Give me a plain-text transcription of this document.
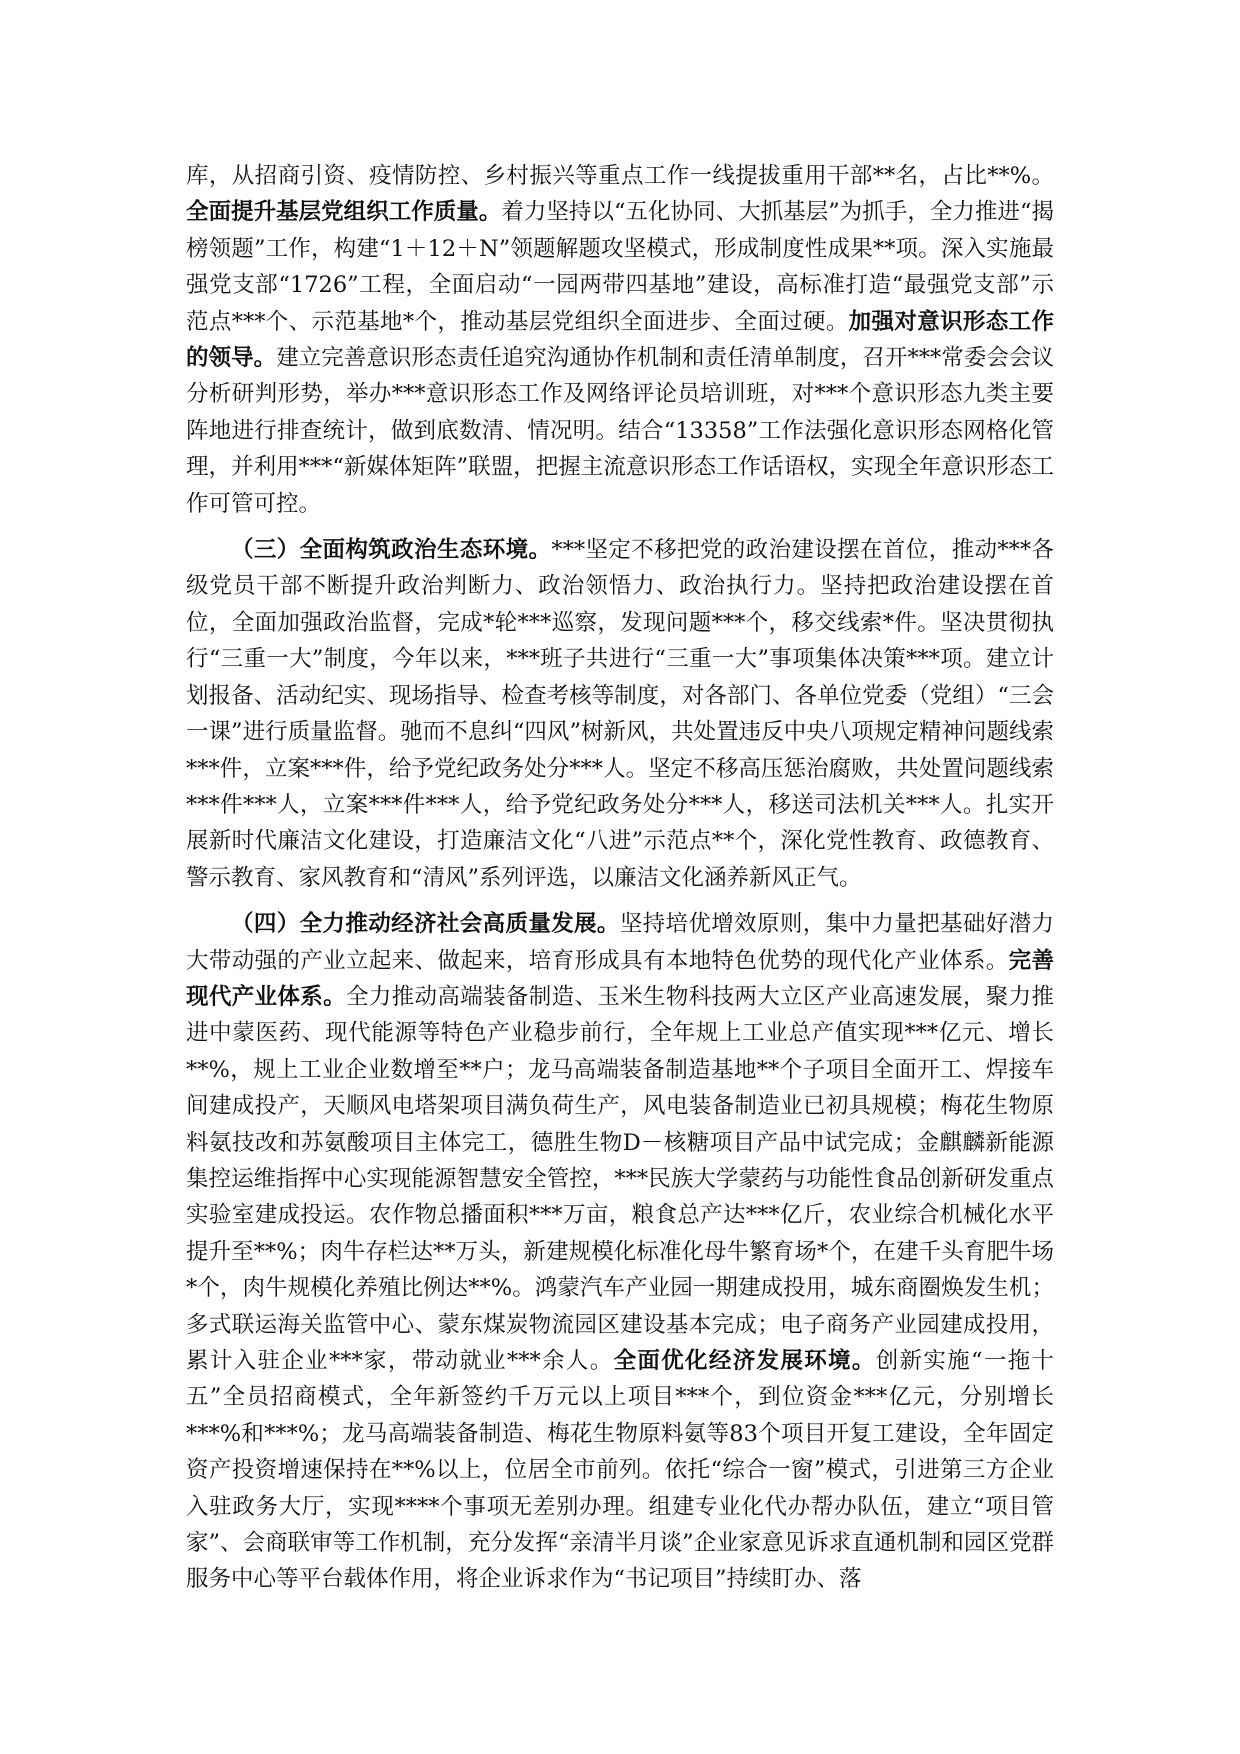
库，从招商引资、疫情防控、乡村振兴等重点工作一线提拔重用干部**名，占比**%。全面提升基层党组织工作质量。着力坚持以“五化协同、大抓基层”为抓手，全力推进“揭榜领题”工作，构建“1＋12＋N”领题解题攻坚模式，形成制度性成果**项。深入实施最强党支部“1726”工程，全面启动“一园两带四基地”建设，高标准打造“最强党支部”示范点***个、示范基地*个，推动基层党组织全面进步、全面过硬。加强对意识形态工作的领导。建立完善意识形态责任追究沟通协作机制和责任清单制度，召开***常委会会议分析研判形势，举办***意识形态工作及网络评论员培训班，对***个意识形态九类主要阵地进行排查统计，做到底数清、情况明。结合“13358”工作法强化意识形态网格化管理，并利用***“新媒体矩阵”联盟，把握主流意识形态工作话语权，实现全年意识形态工作可管可控。

（三）全面构筑政治生态环境。***坚定不移把党的政治建设摆在首位，推动***各级党员干部不断提升政治判断力、政治领悟力、政治执行力。坚持把政治建设摆在首位，全面加强政治监督，完成*轮***巡察，发现问题***个，移交线索*件。坚决贯彻执行“三重一大”制度，今年以来，***班子共进行“三重一大”事项集体决策***项。建立计划报备、活动纪实、现场指导、检查考核等制度，对各部门、各单位党委（党组）“三会一课”进行质量监督。驰而不息纠“四风”树新风，共处置违反中央八项规定精神问题线索***件，立案***件，给予党纪政务处分***人。坚定不移高压惩治腐败，共处置问题线索***件***人，立案***件***人，给予党纪政务处分***人，移送司法机关***人。扎实开展新时代廉洁文化建设，打造廉洁文化“八进”示范点**个，深化党性教育、政德教育、警示教育、家风教育和“清风”系列评选，以廉洁文化涵养新风正气。

（四）全力推动经济社会高质量发展。坚持培优增效原则，集中力量把基础好潜力大带动强的产业立起来、做起来，培育形成具有本地特色优势的现代化产业体系。完善现代产业体系。全力推动高端装备制造、玉米生物科技两大立区产业高速发展，聚力推进中蒙医药、现代能源等特色产业稳步前行，全年规上工业总产值实现***亿元、增长**%，规上工业企业数增至**户；龙马高端装备制造基地**个子项目全面开工、焊接车间建成投产，天顺风电塔架项目满负荷生产，风电装备制造业已初具规模；梅花生物原料氨技改和苏氨酸项目主体完工，德胜生物D－核糖项目产品中试完成；金麒麟新能源集控运维指挥中心实现能源智慧安全管控，***民族大学蒙药与功能性食品创新研发重点实验室建成投运。农作物总播面积***万亩，粮食总产达***亿斤，农业综合机械化水平提升至**%；肉牛存栏达**万头，新建规模化标准化母牛繁育场*个，在建千头育肥牛场*个，肉牛规模化养殖比例达**%。鸿蒙汽车产业园一期建成投用，城东商圈焕发生机；多式联运海关监管中心、蒙东煤炭物流园区建设基本完成；电子商务产业园建成投用，累计入驻企业***家，带动就业***余人。全面优化经济发展环境。创新实施“一拖十五”全员招商模式，全年新签约千万元以上项目***个，到位资金***亿元，分别增长***%和***%；龙马高端装备制造、梅花生物原料氨等83个项目开复工建设，全年固定资产投资增速保持在**%以上，位居全市前列。依托“综合一窗”模式，引进第三方企业入驻政务大厅，实现****个事项无差别办理。组建专业化代办帮办队伍，建立“项目管家”、会商联审等工作机制，充分发挥“亲清半月谈”企业家意见诉求直通机制和园区党群服务中心等平台载体作用，将企业诉求作为“书记项目”持续盯办、落
